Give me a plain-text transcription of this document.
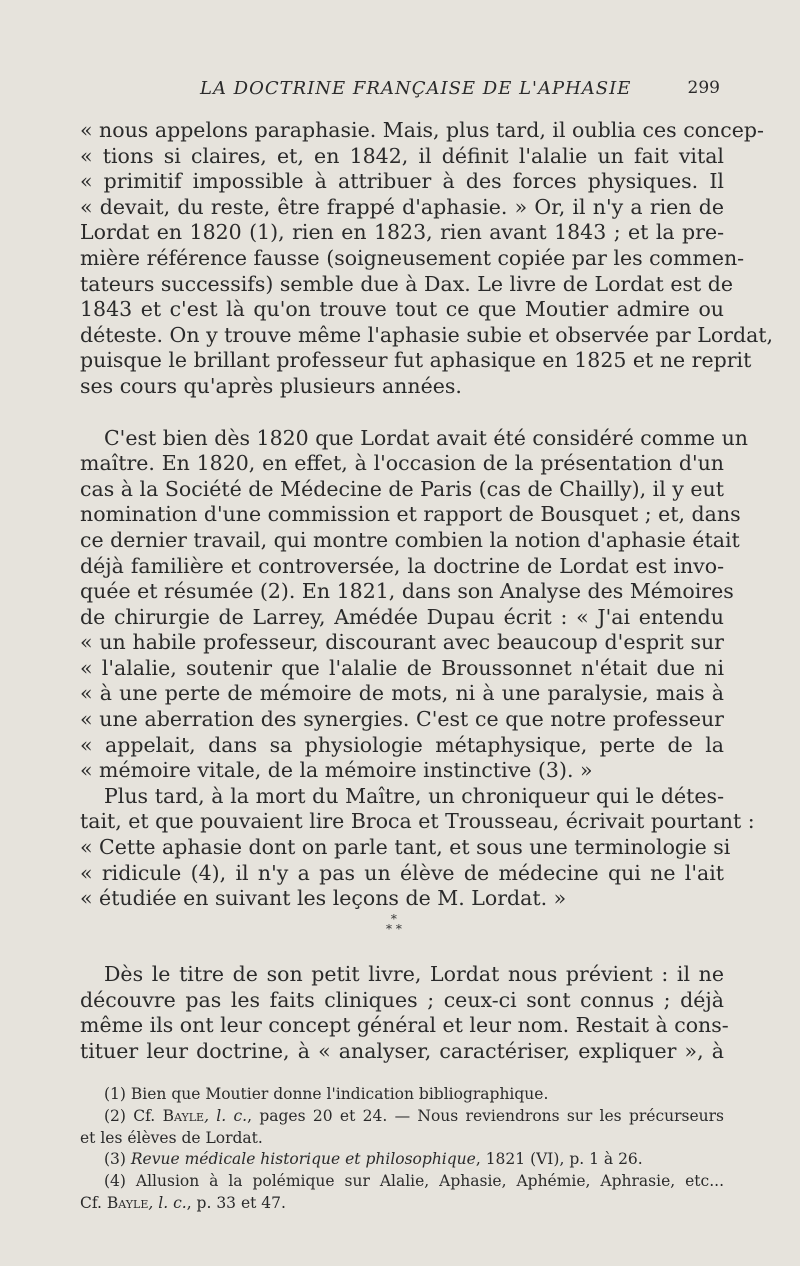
LA DOCTRINE FRANÇAISE DE L'APHASIE	299
« nous appelons paraphasie. Mais, plus tard, il oublia ces concep-
« tions si claires, et, en 1842, il définit l'alalie un fait vital
« primitif impossible à attribuer à des forces physiques. Il
« devait, du reste, être frappé d'aphasie. » Or, il n'y a rien de
Lordat en 1820 (1), rien en 1823, rien avant 1843 ; et la pre-
mière référence fausse (soigneusement copiée par les commen-
tateurs successifs) semble due à Dax. Le livre de Lordat est de
1843 et c'est là qu'on trouve tout ce que Moutier admire ou
déteste. On y trouve même l'aphasie subie et observée par Lordat,
puisque le brillant professeur fut aphasique en 1825 et ne reprit
ses cours qu'après plusieurs années.
C'est bien dès 1820 que Lordat avait été considéré comme un
maître. En 1820, en effet, à l'occasion de la présentation d'un
cas à la Société de Médecine de Paris (cas de Chailly), il y eut
nomination d'une commission et rapport de Bousquet ; et, dans
ce dernier travail, qui montre combien la notion d'aphasie était
déjà familière et controversée, la doctrine de Lordat est invo-
quée et résumée (2). En 1821, dans son Analyse des Mémoires
de chirurgie de Larrey, Amédée Dupau écrit : « J'ai entendu
« un habile professeur, discourant avec beaucoup d'esprit sur
« l'alalie, soutenir que l'alalie de Broussonnet n'était due ni
« à une perte de mémoire de mots, ni à une paralysie, mais à
« une aberration des synergies. C'est ce que notre professeur
« appelait, dans sa physiologie métaphysique, perte de la
« mémoire vitale, de la mémoire instinctive (3). »
Plus tard, à la mort du Maître, un chroniqueur qui le détes-
tait, et que pouvaient lire Broca et Trousseau, écrivait pourtant :
« Cette aphasie dont on parle tant, et sous une terminologie si
« ridicule (4), il n'y a pas un élève de médecine qui ne l'ait
« étudiée en suivant les leçons de M. Lordat. »
*
* *
Dès le titre de son petit livre, Lordat nous prévient : il ne
découvre pas les faits cliniques ; ceux-ci sont connus ; déjà
même ils ont leur concept général et leur nom. Restait à cons-
tituer leur doctrine, à « analyser, caractériser, expliquer », à
(1) Bien que Moutier donne l'indication bibliographique.
(2) Cf. Bayle, l. c., pages 20 et 24. — Nous reviendrons sur les précurseurs
et les élèves de Lordat.
(3) Revue médicale historique et philosophique, 1821 (VI), p. 1 à 26.
(4) Allusion à la polémique sur Alalie, Aphasie, Aphémie, Aphrasie, etc...
Cf. Bayle, l. c., p. 33 et 47.
